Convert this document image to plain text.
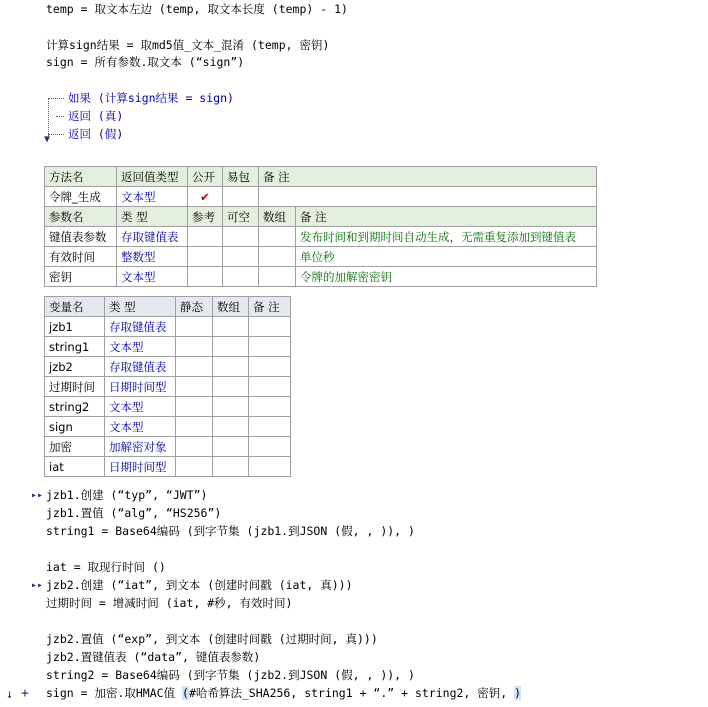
temp = 取文本左边 (temp, 取文本长度 (temp) - 1)
计算sign结果 = 取md5值_文本_混淆 (temp, 密钥)
sign = 所有参数.取文本 (“sign”)
▼
如果 (计算sign结果 = sign)
返回 (真)
返回 (假)
方法名	返回值类型	公开	易包	备 注	
令牌_生成	文本型	✔			
参数名	类 型	参考	可空	数组	备 注
键值表参数	存取键值表				发布时间和到期时间自动生成，无需重复添加到键值表
有效时间	整数型				单位秒
密钥	文本型				令牌的加解密密钥
变量名	类 型	静态	数组	备 注
jzb1	存取键值表			
string1	文本型			
jzb2	存取键值表			
过期时间	日期时间型			
string2	文本型			
sign	文本型			
加密	加解密对象			
iat	日期时间型			
▸▸ jzb1.创建 (“typ”, “JWT”)
jzb1.置值 (“alg”, “HS256”)
string1 = Base64编码 (到字节集 (jzb1.到JSON (假, , )), )
iat = 取现行时间 ()
▸▸ jzb2.创建 (“iat”, 到文本 (创建时间戳 (iat, 真)))
过期时间 = 增减时间 (iat, #秒, 有效时间)
jzb2.置值 (“exp”, 到文本 (创建时间戳 (过期时间, 真)))
jzb2.置键值表 (“data”, 键值表参数)
string2 = Base64编码 (到字节集 (jzb2.到JSON (假, , )), )
↓ + sign = 加密.取HMAC值 (#哈希算法_SHA256, string1 + “.” + string2, 密钥, )
